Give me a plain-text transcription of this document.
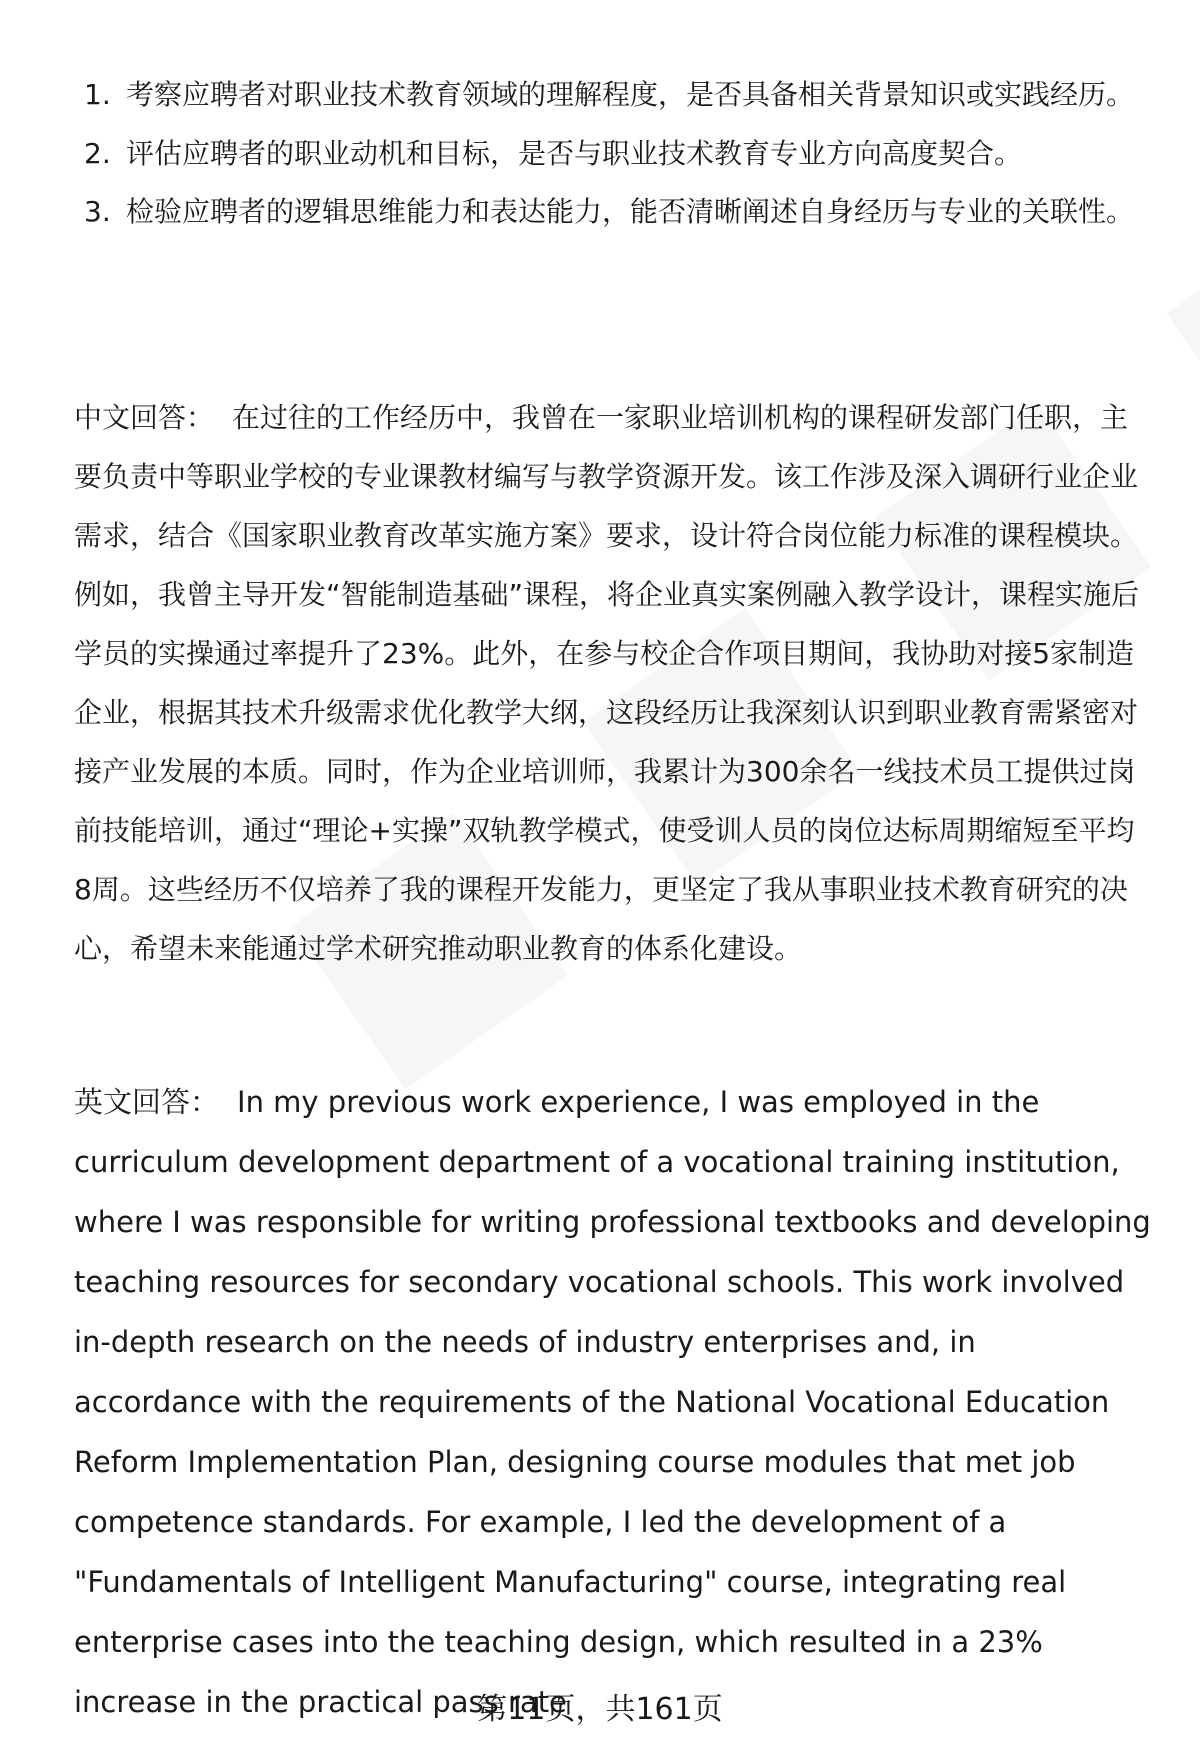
1. 考察应聘者对职业技术教育领域的理解程度，是否具备相关背景知识或实践经历。
2. 评估应聘者的职业动机和目标，是否与职业技术教育专业方向高度契合。
3. 检验应聘者的逻辑思维能力和表达能力，能否清晰阐述自身经历与专业的关联性。

中文回答： 在过往的工作经历中，我曾在一家职业培训机构的课程研发部门任职，主要负责中等职业学校的专业课教材编写与教学资源开发。该工作涉及深入调研行业企业需求，结合《国家职业教育改革实施方案》要求，设计符合岗位能力标准的课程模块。例如，我曾主导开发“智能制造基础”课程，将企业真实案例融入教学设计，课程实施后学员的实操通过率提升了23%。此外，在参与校企合作项目期间，我协助对接5家制造企业，根据其技术升级需求优化教学大纲，这段经历让我深刻认识到职业教育需紧密对接产业发展的本质。同时，作为企业培训师，我累计为300余名一线技术员工提供过岗前技能培训，通过“理论+实操”双轨教学模式，使受训人员的岗位达标周期缩短至平均8周。这些经历不仅培养了我的课程开发能力，更坚定了我从事职业技术教育研究的决心，希望未来能通过学术研究推动职业教育的体系化建设。

英文回答： In my previous work experience, I was employed in the curriculum development department of a vocational training institution, where I was responsible for writing professional textbooks and developing teaching resources for secondary vocational schools. This work involved in-depth research on the needs of industry enterprises and, in accordance with the requirements of the National Vocational Education Reform Implementation Plan, designing course modules that met job competence standards. For example, I led the development of a "Fundamentals of Intelligent Manufacturing" course, integrating real enterprise cases into the teaching design, which resulted in a 23% increase in the practical pass rate

第11页，共161页
